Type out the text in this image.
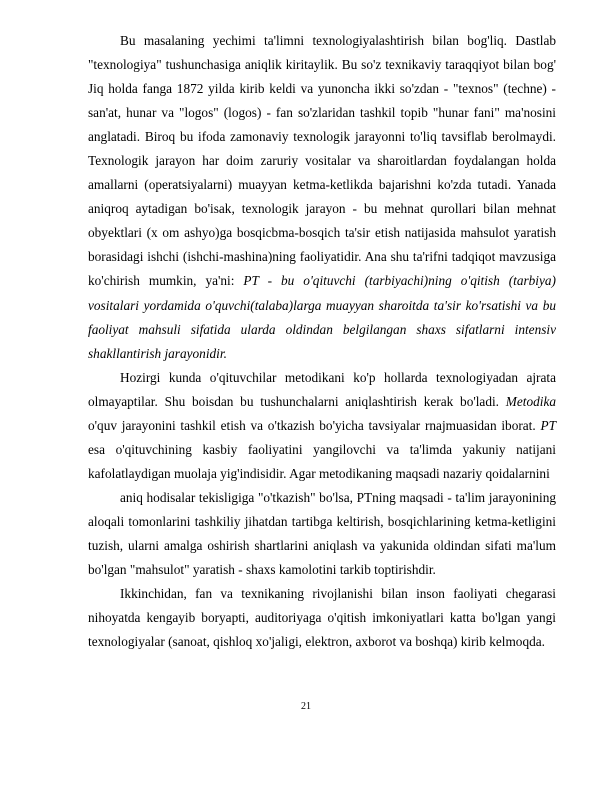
Bu masalaning yechimi ta'limni texnologiyalashtirish bilan bog'liq. Dastlab "texnologiya" tushunchasiga aniqlik kiritaylik. Bu so'z texnikaviy taraqqiyot bilan bog' Jiq holda fanga 1872 yilda kirib keldi va yunoncha ikki so'zdan - "texnos" (techne) - san'at, hunar va "logos" (logos) - fan so'zlaridan tashkil topib "hunar fani" ma'nosini anglatadi. Biroq bu ifoda zamonaviy texnologik jarayonni to'liq tavsiflab berolmaydi. Texnologik jarayon har doim zaruriy vositalar va sharoitlardan foydalangan holda amallarni (operatsiyalarni) muayyan ketma-ketlikda bajarishni ko'zda tutadi. Yanada aniqroq aytadigan bo'isak, texnologik jarayon - bu mehnat qurollari bilan mehnat obyektlari (x om ashyo)ga bosqicbma-bosqich ta'sir etish natijasida mahsulot yaratish borasidagi ishchi (ishchi-mashina)ning faoliyatidir. Ana shu ta'rifni tadqiqot mavzusiga ko'chirish mumkin, ya'ni: PT - bu o'qituvchi (tarbiyachi)ning o'qitish (tarbiya) vositalari yordamida o'quvchi(talaba)larga muayyan sharoitda ta'sir ko'rsatishi va bu faoliyat mahsuli sifatida ularda oldindan belgilangan shaxs sifatlarni intensiv shakllantirish jarayonidir.

Hozirgi kunda o'qituvchilar metodikani ko'p hollarda texnologiyadan ajrata olmayaptilar. Shu boisdan bu tushunchalarni aniqlashtirish kerak bo'ladi. Metodika o'quv jarayonini tashkil etish va o'tkazish bo'yicha tavsiyalar rnajmuasidan iborat. PT esa o'qituvchining kasbiy faoliyatini yangilovchi va ta'limda yakuniy natijani kafolatlaydigan muolaja yig'indisidir. Agar metodikaning maqsadi nazariy qoidalarnini

aniq hodisalar tekisligiga "o'tkazish" bo'lsa, PTning maqsadi - ta'lim jarayonining aloqali tomonlarini tashkiliy jihatdan tartibga keltirish, bosqichlarining ketma-ketligini tuzish, ularni amalga oshirish shartlarini aniqlash va yakunida oldindan sifati ma'lum bo'lgan "mahsulot" yaratish - shaxs kamolotini tarkib toptirishdir.

Ikkinchidan, fan va texnikaning rivojlanishi bilan inson faoliyati chegarasi nihoyatda kengayib boryapti, auditoriyaga o'qitish imkoniyatlari katta bo'lgan yangi texnologiyalar (sanoat, qishloq xo'jaligi, elektron, axborot va boshqa) kirib kelmoqda.

21
